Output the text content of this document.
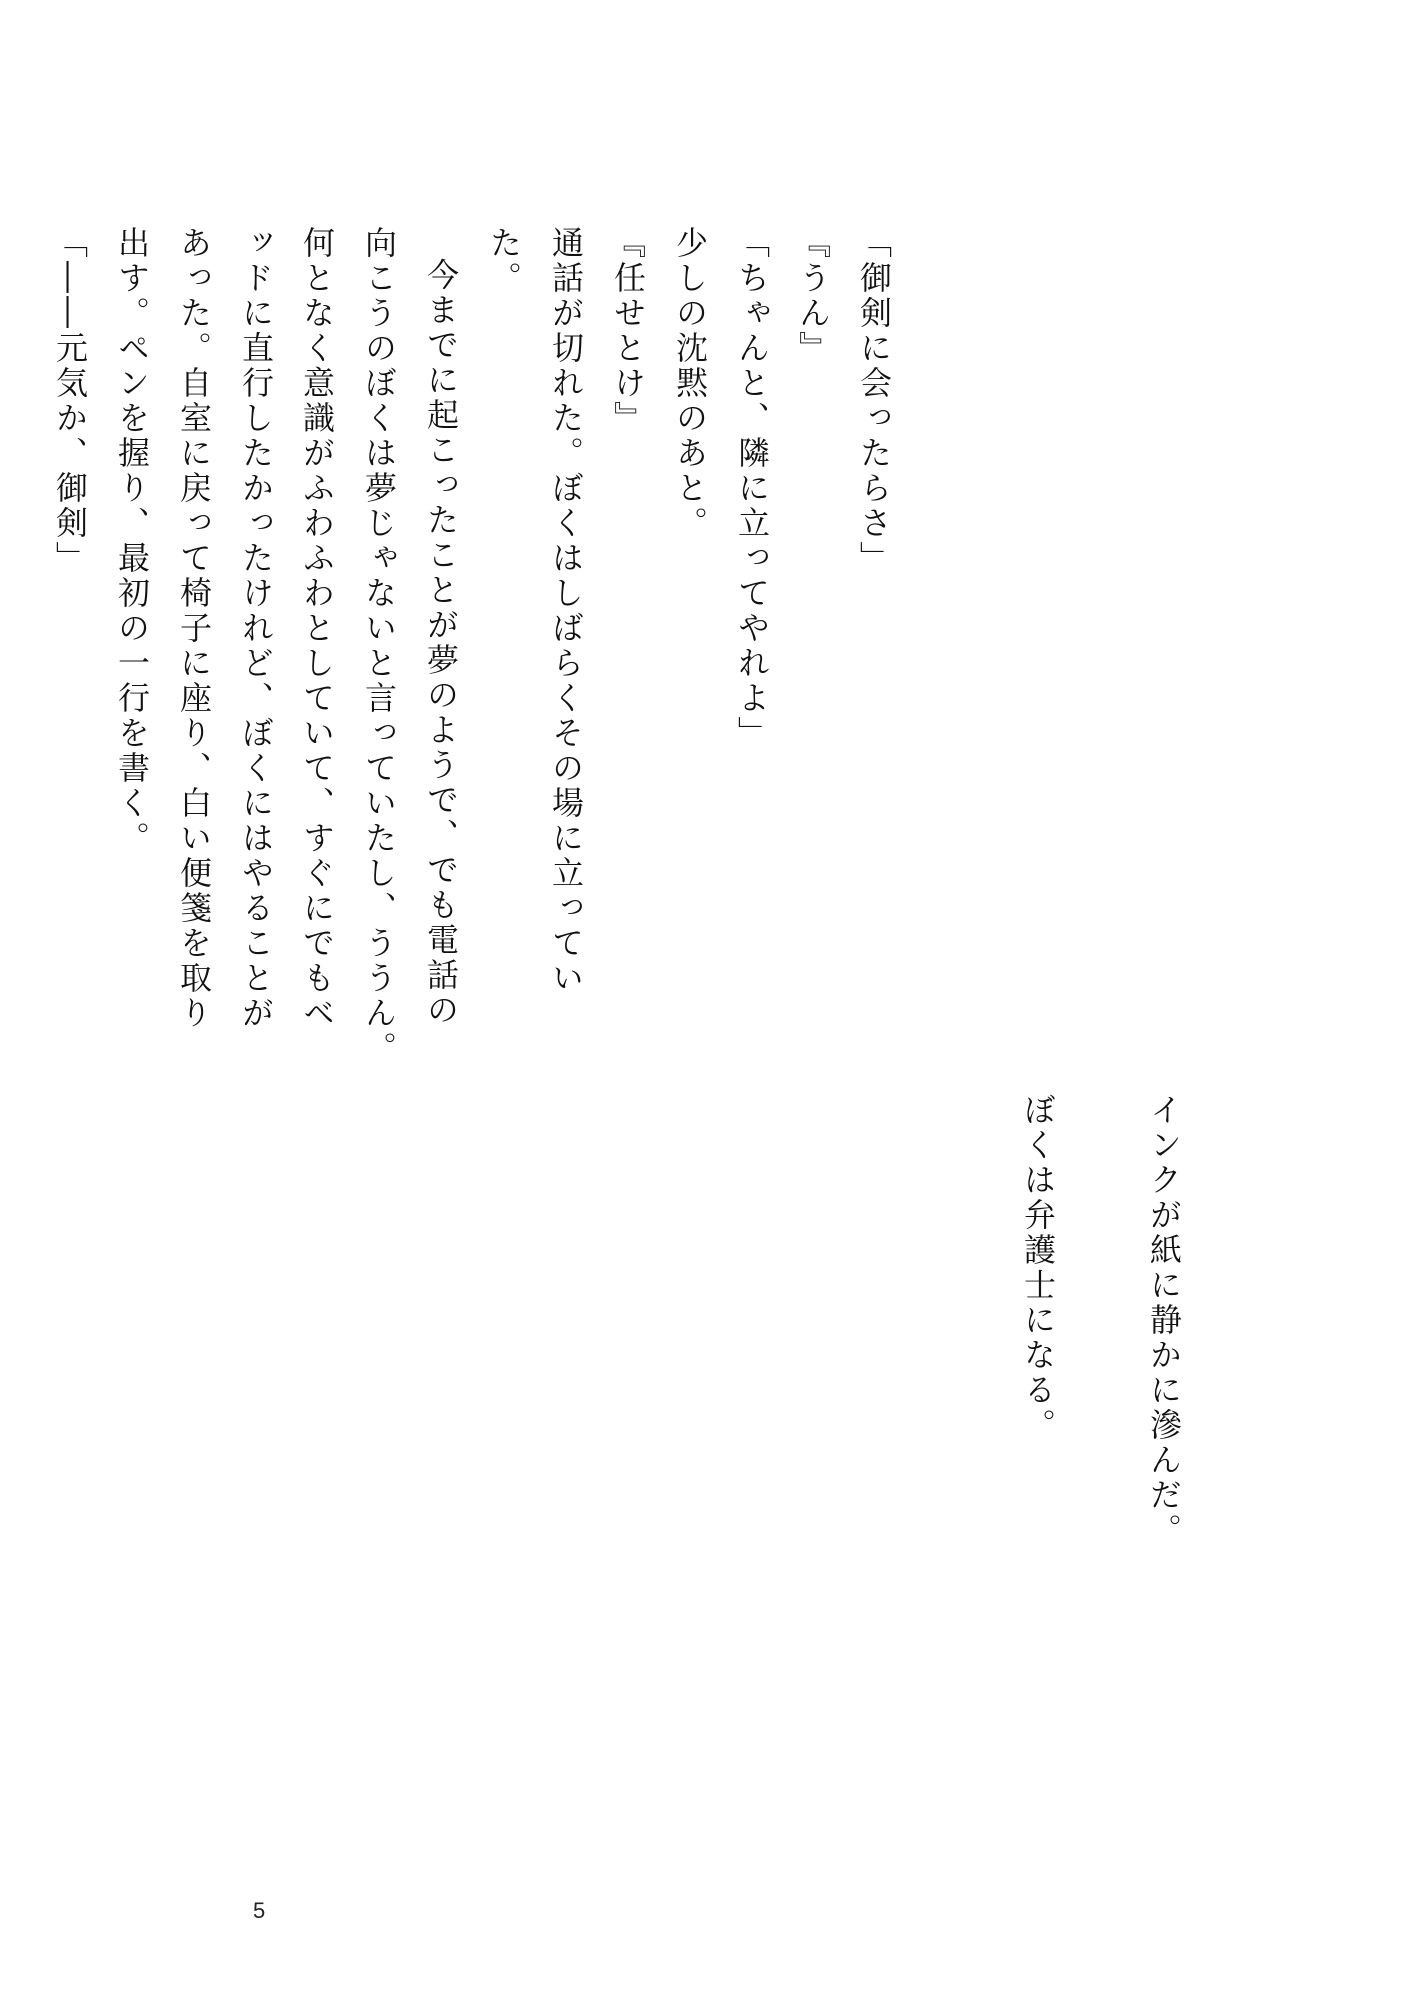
「御剣に会ったらさ」
『うん』
「ちゃんと、隣に立ってやれよ」
少しの沈黙のあと。
『任せとけ』
通話が切れた。ぼくはしばらくその場に立ってい
た。
今までに起こったことが夢のようで、でも電話の
向こうのぼくは夢じゃないと言っていたし、ううん。
何となく意識がふわふわとしていて、すぐにでもベ
ッドに直行したかったけれど、ぼくにはやることが
あった。自室に戻って椅子に座り、白い便箋を取り
出す。ペンを握り、最初の一行を書く。
「――元気か、御剣」
インクが紙に静かに滲んだ。
ぼくは弁護士になる。
5
